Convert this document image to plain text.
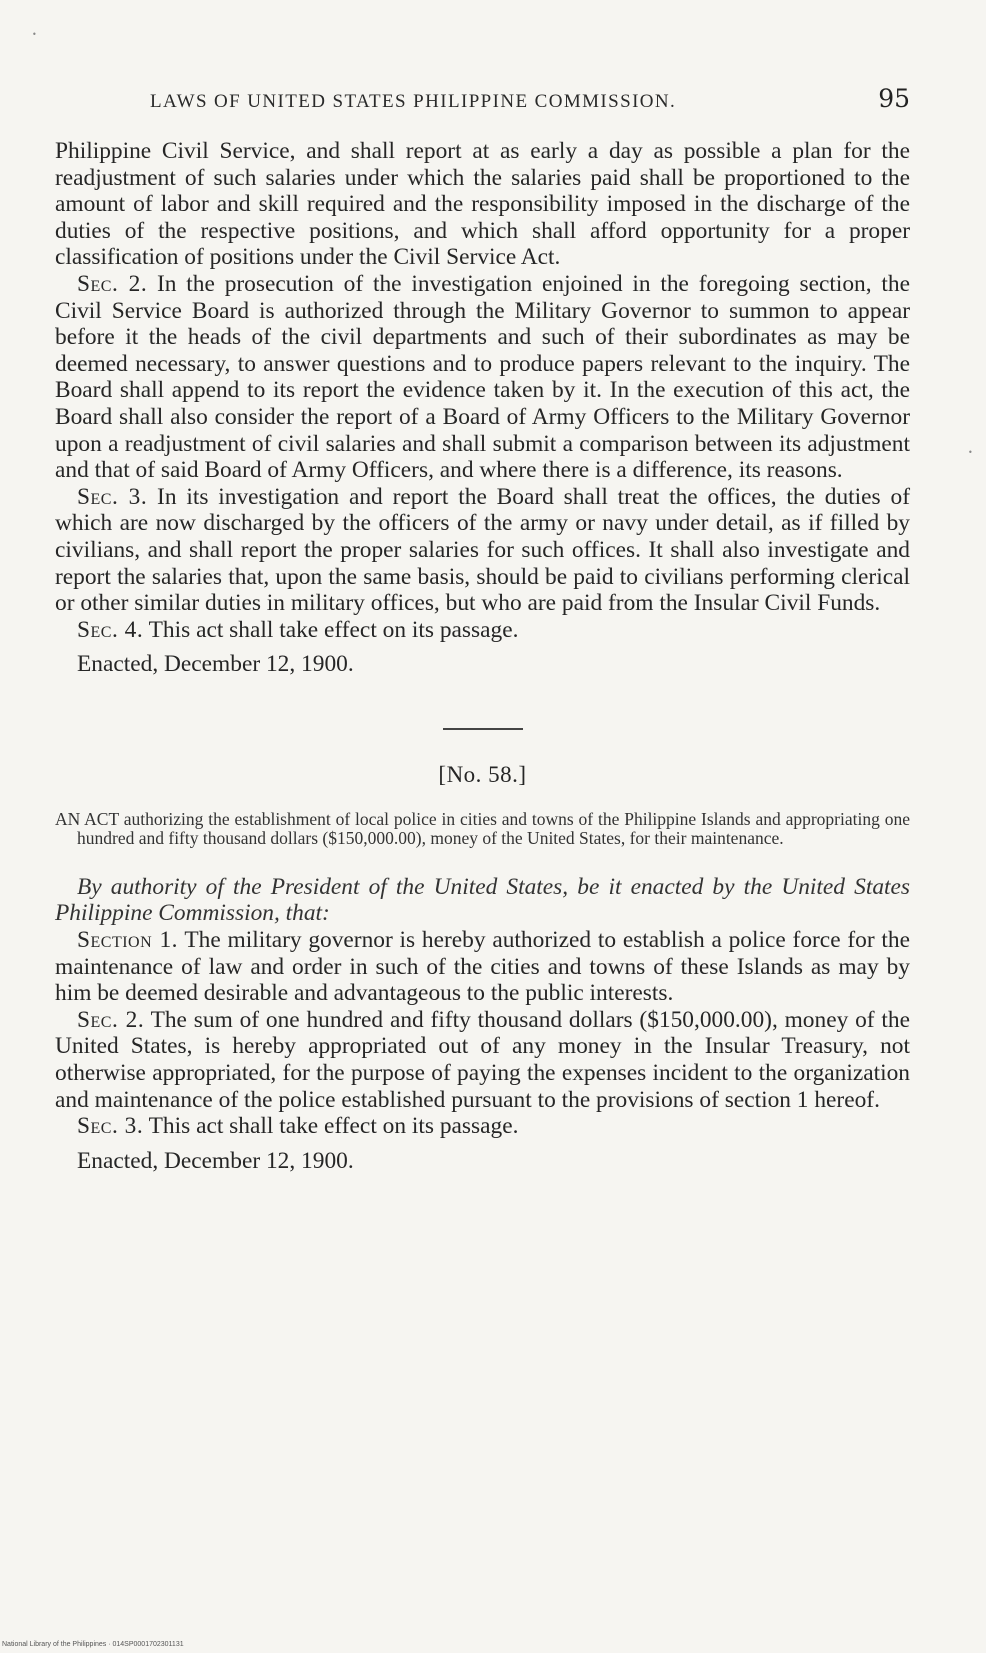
LAWS OF UNITED STATES PHILIPPINE COMMISSION.	95

Philippine Civil Service, and shall report at as early a day as possible a plan for the readjustment of such salaries under which the salaries paid shall be proportioned to the amount of labor and skill required and the responsibility imposed in the discharge of the duties of the respective positions, and which shall afford opportunity for a proper classification of positions under the Civil Service Act.

Sec. 2. In the prosecution of the investigation enjoined in the foregoing section, the Civil Service Board is authorized through the Military Governor to summon to appear before it the heads of the civil departments and such of their subordinates as may be deemed necessary, to answer questions and to produce papers relevant to the inquiry. The Board shall append to its report the evidence taken by it. In the execution of this act, the Board shall also consider the report of a Board of Army Officers to the Military Governor upon a readjustment of civil salaries and shall submit a comparison between its adjustment and that of said Board of Army Officers, and where there is a difference, its reasons.

Sec. 3. In its investigation and report the Board shall treat the offices, the duties of which are now discharged by the officers of the army or navy under detail, as if filled by civilians, and shall report the proper salaries for such offices. It shall also investigate and report the salaries that, upon the same basis, should be paid to civilians performing clerical or other similar duties in military offices, but who are paid from the Insular Civil Funds.

Sec. 4. This act shall take effect on its passage.

Enacted, December 12, 1900.

[No. 58.]

AN ACT authorizing the establishment of local police in cities and towns of the Philippine Islands and appropriating one hundred and fifty thousand dollars ($150,000.00), money of the United States, for their maintenance.

By authority of the President of the United States, be it enacted by the United States Philippine Commission, that:

Section 1. The military governor is hereby authorized to establish a police force for the maintenance of law and order in such of the cities and towns of these Islands as may by him be deemed desirable and advantageous to the public interests.

Sec. 2. The sum of one hundred and fifty thousand dollars ($150,000.00), money of the United States, is hereby appropriated out of any money in the Insular Treasury, not otherwise appropriated, for the purpose of paying the expenses incident to the organization and maintenance of the police established pursuant to the provisions of section 1 hereof.

Sec. 3. This act shall take effect on its passage.

Enacted, December 12, 1900.

•
•
National Library of the Philippines · 014SP0001702301131
